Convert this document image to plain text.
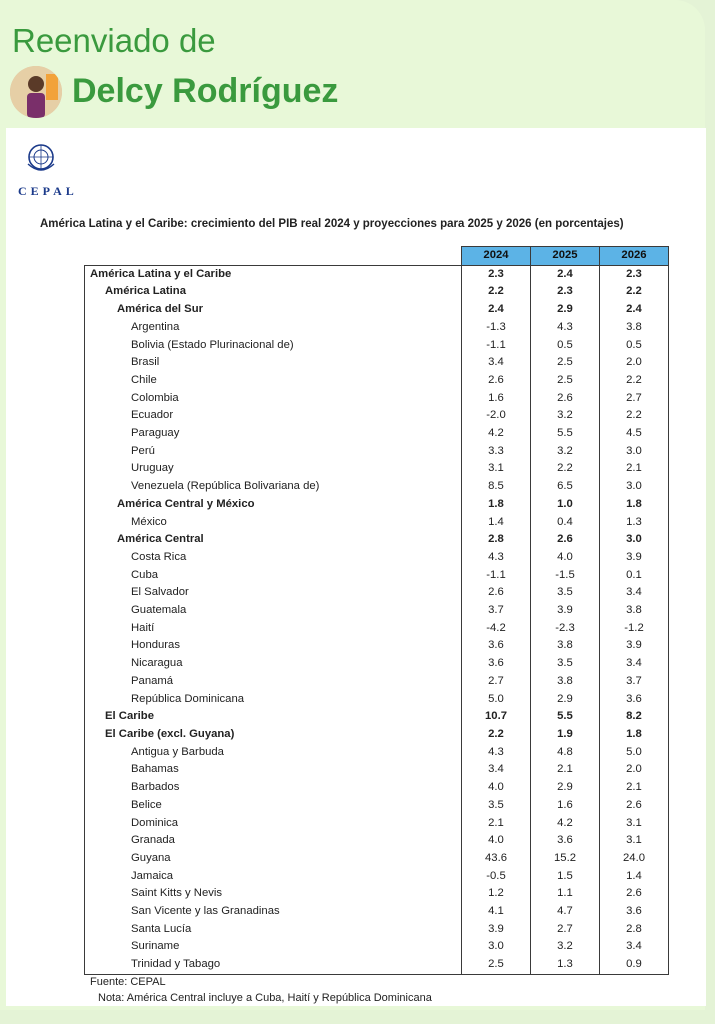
Reenviado de
Delcy Rodríguez
CEPAL
América Latina y el Caribe: crecimiento del PIB real 2024 y proyecciones para 2025 y 2026 (en porcentajes)
	2024	2025	2026
América Latina y el Caribe	2.3	2.4	2.3
América Latina	2.2	2.3	2.2
América del Sur	2.4	2.9	2.4
Argentina	-1.3	4.3	3.8
Bolivia (Estado Plurinacional de)	-1.1	0.5	0.5
Brasil	3.4	2.5	2.0
Chile	2.6	2.5	2.2
Colombia	1.6	2.6	2.7
Ecuador	-2.0	3.2	2.2
Paraguay	4.2	5.5	4.5
Perú	3.3	3.2	3.0
Uruguay	3.1	2.2	2.1
Venezuela (República Bolivariana de)	8.5	6.5	3.0
América Central y México	1.8	1.0	1.8
México	1.4	0.4	1.3
América Central	2.8	2.6	3.0
Costa Rica	4.3	4.0	3.9
Cuba	-1.1	-1.5	0.1
El Salvador	2.6	3.5	3.4
Guatemala	3.7	3.9	3.8
Haití	-4.2	-2.3	-1.2
Honduras	3.6	3.8	3.9
Nicaragua	3.6	3.5	3.4
Panamá	2.7	3.8	3.7
República Dominicana	5.0	2.9	3.6
El Caribe	10.7	5.5	8.2
El Caribe (excl. Guyana)	2.2	1.9	1.8
Antigua y Barbuda	4.3	4.8	5.0
Bahamas	3.4	2.1	2.0
Barbados	4.0	2.9	2.1
Belice	3.5	1.6	2.6
Dominica	2.1	4.2	3.1
Granada	4.0	3.6	3.1
Guyana	43.6	15.2	24.0
Jamaica	-0.5	1.5	1.4
Saint Kitts y Nevis	1.2	1.1	2.6
San Vicente y las Granadinas	4.1	4.7	3.6
Santa Lucía	3.9	2.7	2.8
Suriname	3.0	3.2	3.4
Trinidad y Tabago	2.5	1.3	0.9
Fuente: CEPAL
Nota: América Central incluye a Cuba, Haití y República Dominicana
